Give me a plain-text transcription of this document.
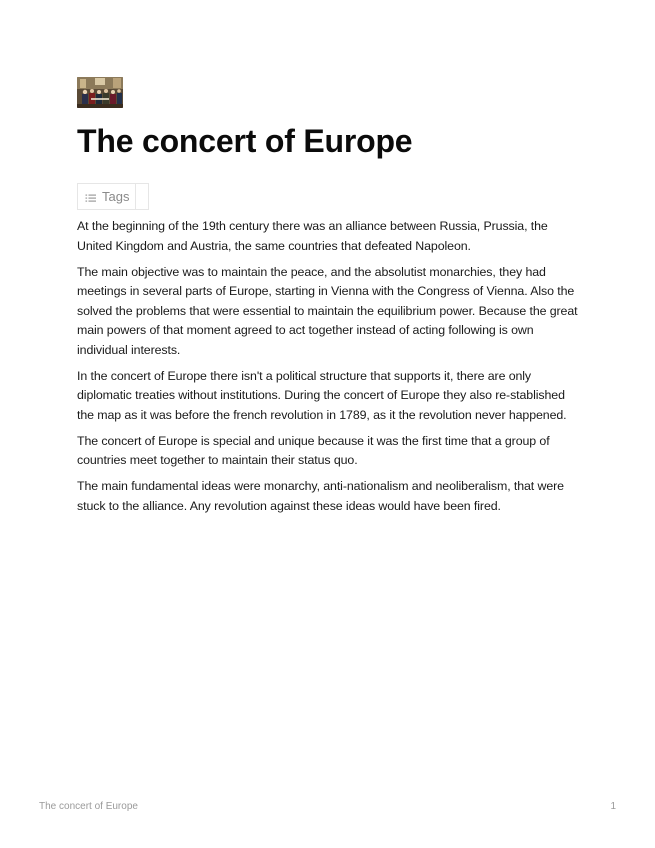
The concert of Europe
Tags

At the beginning of the 19th century there was an alliance between Russia, Prussia, the United Kingdom and Austria, the same countries that defeated Napoleon.

The main objective was to maintain the peace, and the absolutist monarchies, they had meetings in several parts of Europe, starting in Vienna with the Congress of Vienna. Also the solved the problems that were essential to maintain the equilibrium power. Because the great main powers of that moment agreed to act together instead of acting following is own individual interests.

In the concert of Europe there isn't a political structure that supports it, there are only diplomatic treaties without institutions. During the concert of Europe they also re-stablished the map as it was before the french revolution in 1789, as it the revolution never happened.

The concert of Europe is special and unique because it was the first time that a group of countries meet together to maintain their status quo.

The main fundamental ideas were monarchy, anti-nationalism and neoliberalism, that were stuck to the alliance. Any revolution against these ideas would have been fired.

The concert of Europe	1
